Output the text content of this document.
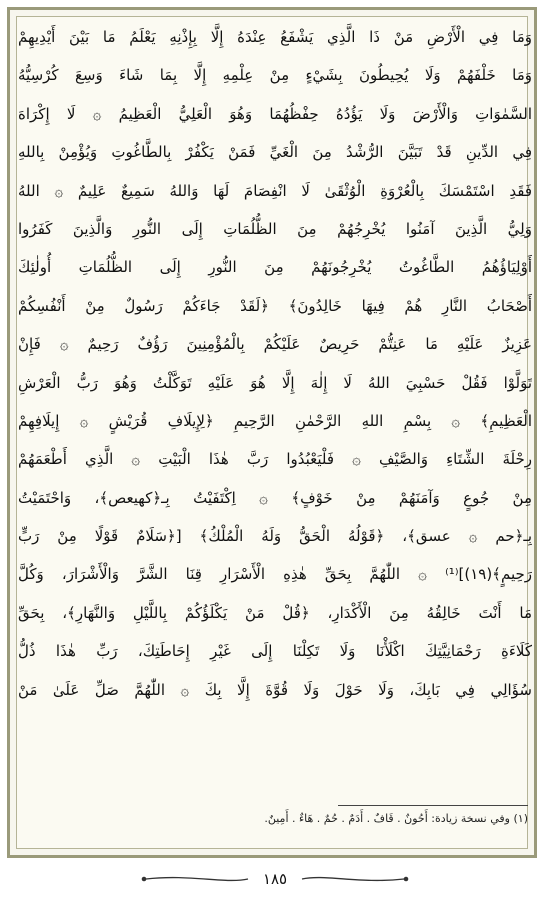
وَمَا فِي الْأَرْضِ مَنْ ذَا الَّذِي يَشْفَعُ عِنْدَهُ إِلَّا بِإِذْنِهِ يَعْلَمُ مَا بَيْنَ أَيْدِيهِمْ
وَمَا خَلْفَهُمْ وَلَا يُحِيطُونَ بِشَيْءٍ مِنْ عِلْمِهِ إِلَّا بِمَا شَاءَ وَسِعَ كُرْسِيُّهُ
السَّمٰوَاتِ وَالْأَرْضَ وَلَا يَؤُدُهُ حِفْظُهُمَا وَهُوَ الْعَلِيُّ الْعَظِيمُ ۞ لَا إِكْرَاهَ
فِي الدِّينِ قَدْ تَبَيَّنَ الرُّشْدُ مِنَ الْغَيِّ فَمَنْ يَكْفُرْ بِالطَّاغُوتِ وَيُؤْمِنْ بِاللهِ
فَقَدِ اسْتَمْسَكَ بِالْعُرْوَةِ الْوُثْقَىٰ لَا انْفِصَامَ لَهَا وَاللهُ سَمِيعٌ عَلِيمٌ ۞ اللهُ
وَلِيُّ الَّذِينَ آمَنُوا يُخْرِجُهُمْ مِنَ الظُّلُمَاتِ إِلَى النُّورِ وَالَّذِينَ كَفَرُوا
أَوْلِيَاؤُهُمُ الطَّاغُوتُ يُخْرِجُونَهُمْ مِنَ النُّورِ إِلَى الظُّلُمَاتِ أُولٰئِكَ
أَصْحَابُ النَّارِ هُمْ فِيهَا خَالِدُونَ﴾ ﴿لَقَدْ جَاءَكُمْ رَسُولٌ مِنْ أَنْفُسِكُمْ
عَزِيزٌ عَلَيْهِ مَا عَنِتُّمْ حَرِيصٌ عَلَيْكُمْ بِالْمُؤْمِنِينَ رَؤُفٌ رَحِيمٌ ۞ فَإِنْ
تَوَلَّوْا فَقُلْ حَسْبِيَ اللهُ لَا إِلٰهَ إِلَّا هُوَ عَلَيْهِ تَوَكَّلْتُ وَهُوَ رَبُّ الْعَرْشِ
الْعَظِيمِ﴾ ۞ بِسْمِ اللهِ الرَّحْمٰنِ الرَّحِيمِ ﴿لِإِيلَافِ قُرَيْشٍ ۞ إِيلَافِهِمْ
رِحْلَةَ الشِّتَاءِ وَالصَّيْفِ ۞ فَلْيَعْبُدُوا رَبَّ هٰذَا الْبَيْتِ ۞ الَّذِي أَطْعَمَهُمْ
مِنْ جُوعٍ وَآمَنَهُمْ مِنْ خَوْفٍ﴾ ۞ اِكْتَفَيْتُ بِـ﴿كهيعص﴾، وَاحْتَمَيْتُ
بِـ﴿حم ۞ عسق﴾، ﴿قَوْلُهُ الْحَقُّ وَلَهُ الْمُلْكُ﴾ [﴿سَلَامٌ قَوْلًا مِنْ رَبٍّ
رَحِيمٍ﴾(١٩)]⁽¹⁾ ۞ اللّٰهُمَّ بِحَقِّ هٰذِهِ الْأَسْرَارِ قِنَا الشَّرَّ وَالْأَشْرَارَ، وَكُلَّ
مَا أَنْتَ خَالِقُهُ مِنَ الْأَكْدَارِ، ﴿قُلْ مَنْ يَكْلَؤُكُمْ بِاللَّيْلِ وَالنَّهَارِ﴾، بِحَقِّ
كَلَاءَةِ رَحْمَانِيَّتِكَ اكْلَأْنَا وَلَا تَكِلْنَا إِلَى غَيْرِ إِحَاطَتِكَ، رَبِّ هٰذَا ذُلُّ
سُؤَالِي فِي بَابِكَ، وَلَا حَوْلَ وَلَا قُوَّةَ إِلَّا بِكَ ۞ اللّٰهُمَّ صَلِّ عَلَىٰ مَنْ
(١) وفي نسخة زيادة: أَحُونٌ . قَافٌ . أَدَمٌ . حُمٌ . هَاءٌ . أَمِينٌ.
١٨٥
